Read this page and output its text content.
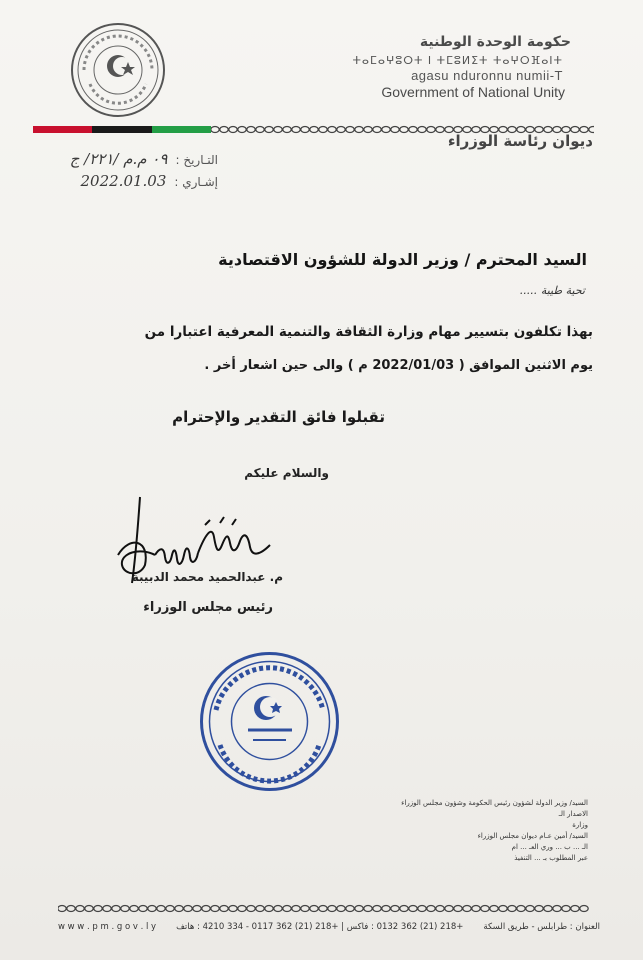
حكومة الوحدة الوطنية
ⵜⴰⵎⴰⵖⵓⵔⵜ ⵏ ⵜⵎⵓⵍⵉⵜ ⵜⴰⵖⵔⴼⴰⵏⵜ
agasu nduronnu numii-T
Government of National Unity
ديوان رئاسة الوزراء
التـاريخ :
٠٩ م.م /٢٢١/ ج
إشـاري :
2022.01.03
السيد المحترم / وزير الدولة للشؤون الاقتصادية
تحية طيبة .....
بهذا تكلفون بتسيير مهام وزارة الثقافة والتنمية المعرفية اعتبارا من
يوم الاثنين الموافق ( 2022/01/03 م ) والى حين اشعار أخر .
تقبلوا فائق التقدير والإحترام
والسلام عليكم
م. عبدالحميد محمد الدبيبة
رئيس مجلس الوزراء
السيد/ وزير الدولة لشؤون رئيس الحكومة وشؤون مجلس الوزراء
الاصدار الـ
وزارة
السيد/ أمين عـام ديوان مجلس الوزراء
الـ ... ب ... وري العـ ... ام
عبر المطلوب بـ ... التنفيذ
w w w . p m . g o v . l y +218 (21) 362 0132 : فاكس | +218 (21) 362 0117 - 334 4210 : هاتف العنوان : طرابلس - طريق السكة
